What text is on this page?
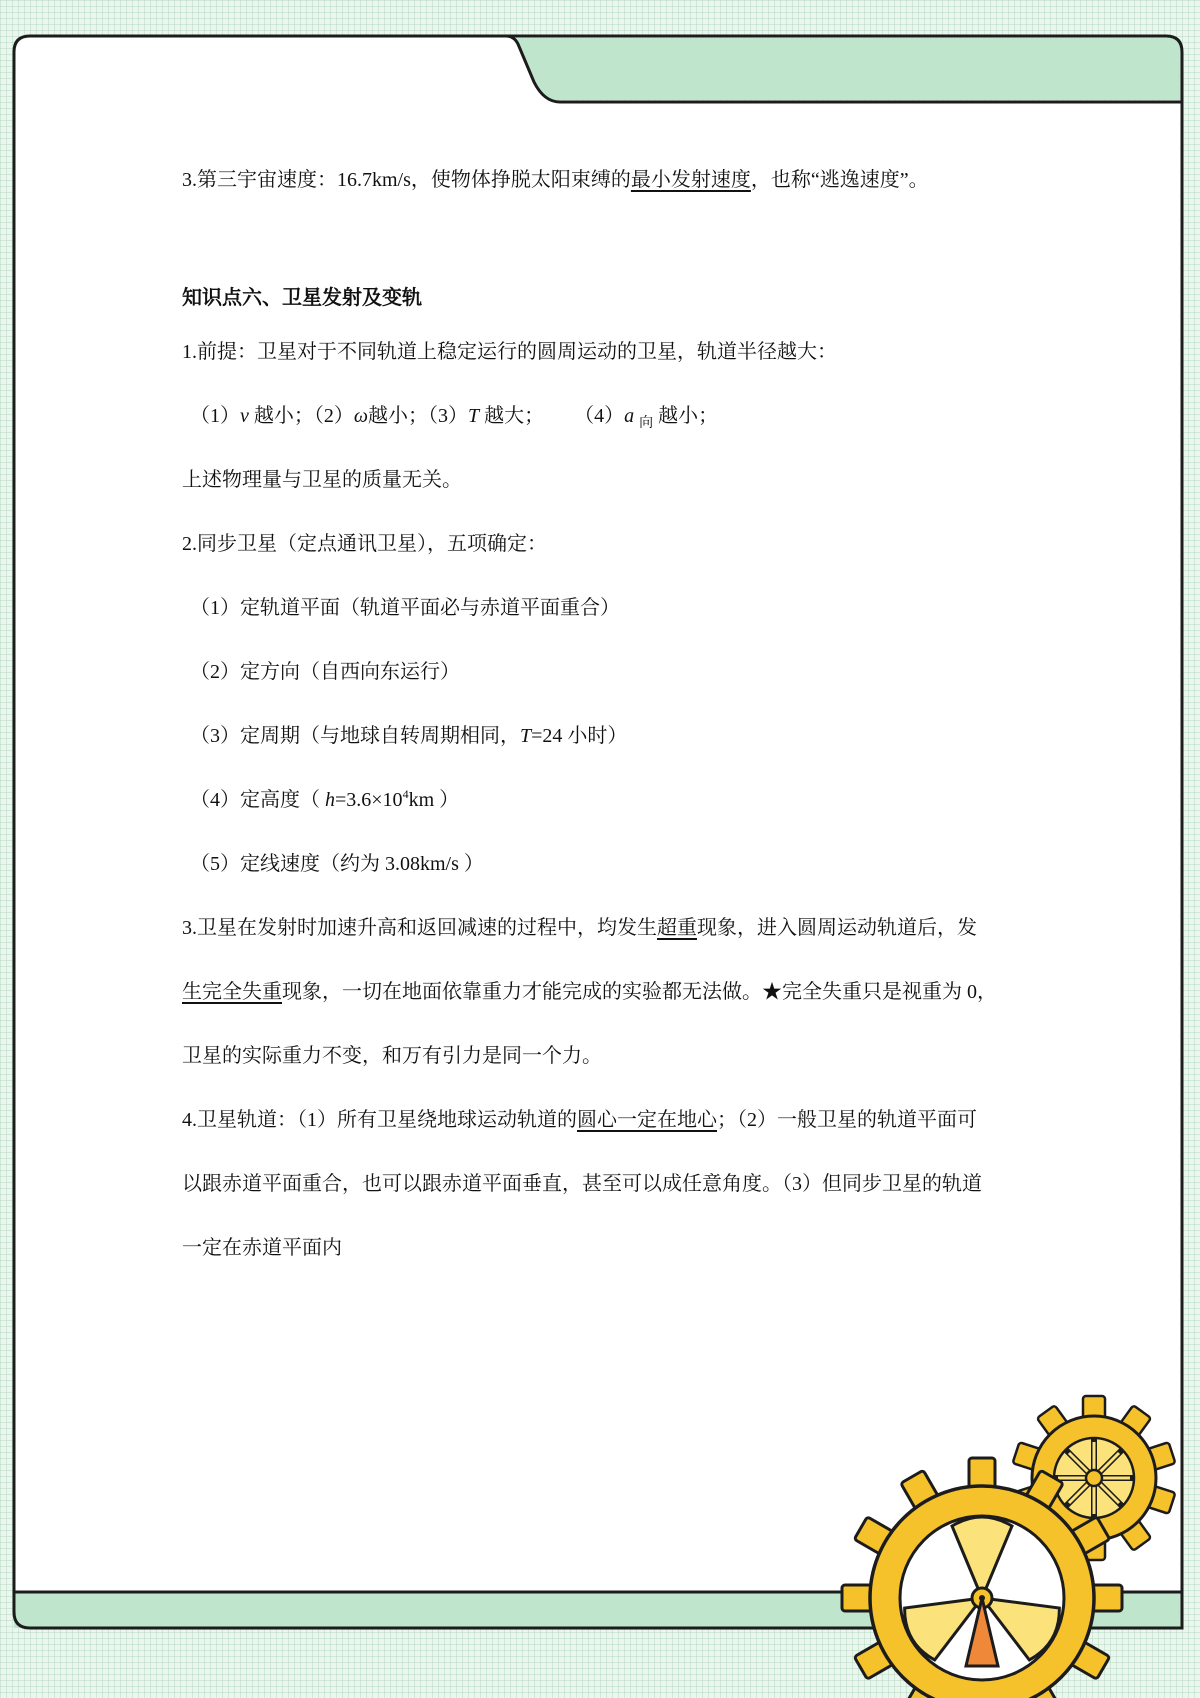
3.第三宇宙速度：16.7km/s，使物体挣脱太阳束缚的最小发射速度，也称“逃逸速度”。
知识点六、卫星发射及变轨
1.前提：卫星对于不同轨道上稳定运行的圆周运动的卫星，轨道半径越大：
（1）v 越小；（2）ω越小；（3）T 越大； （4）a $_向$ 越小；
上述物理量与卫星的质量无关。
2.同步卫星（定点通讯卫星），五项确定：
（1）定轨道平面（轨道平面必与赤道平面重合）
（2）定方向（自西向东运行）
（3）定周期（与地球自转周期相同，T=24 小时）
（4）定高度（ $h=3.6\times 10^4km$ ）
（5）定线速度（约为 3.08km/s ）
3.卫星在发射时加速升高和返回减速的过程中，均发生超重现象，进入圆周运动轨道后，发
生完全失重现象，一切在地面依靠重力才能完成的实验都无法做。★完全失重只是视重为 0，
卫星的实际重力不变，和万有引力是同一个力。
4.卫星轨道：（1）所有卫星绕地球运动轨道的圆心一定在地心；（2）一般卫星的轨道平面可
以跟赤道平面重合，也可以跟赤道平面垂直，甚至可以成任意角度。（3）但同步卫星的轨道
一定在赤道平面内
